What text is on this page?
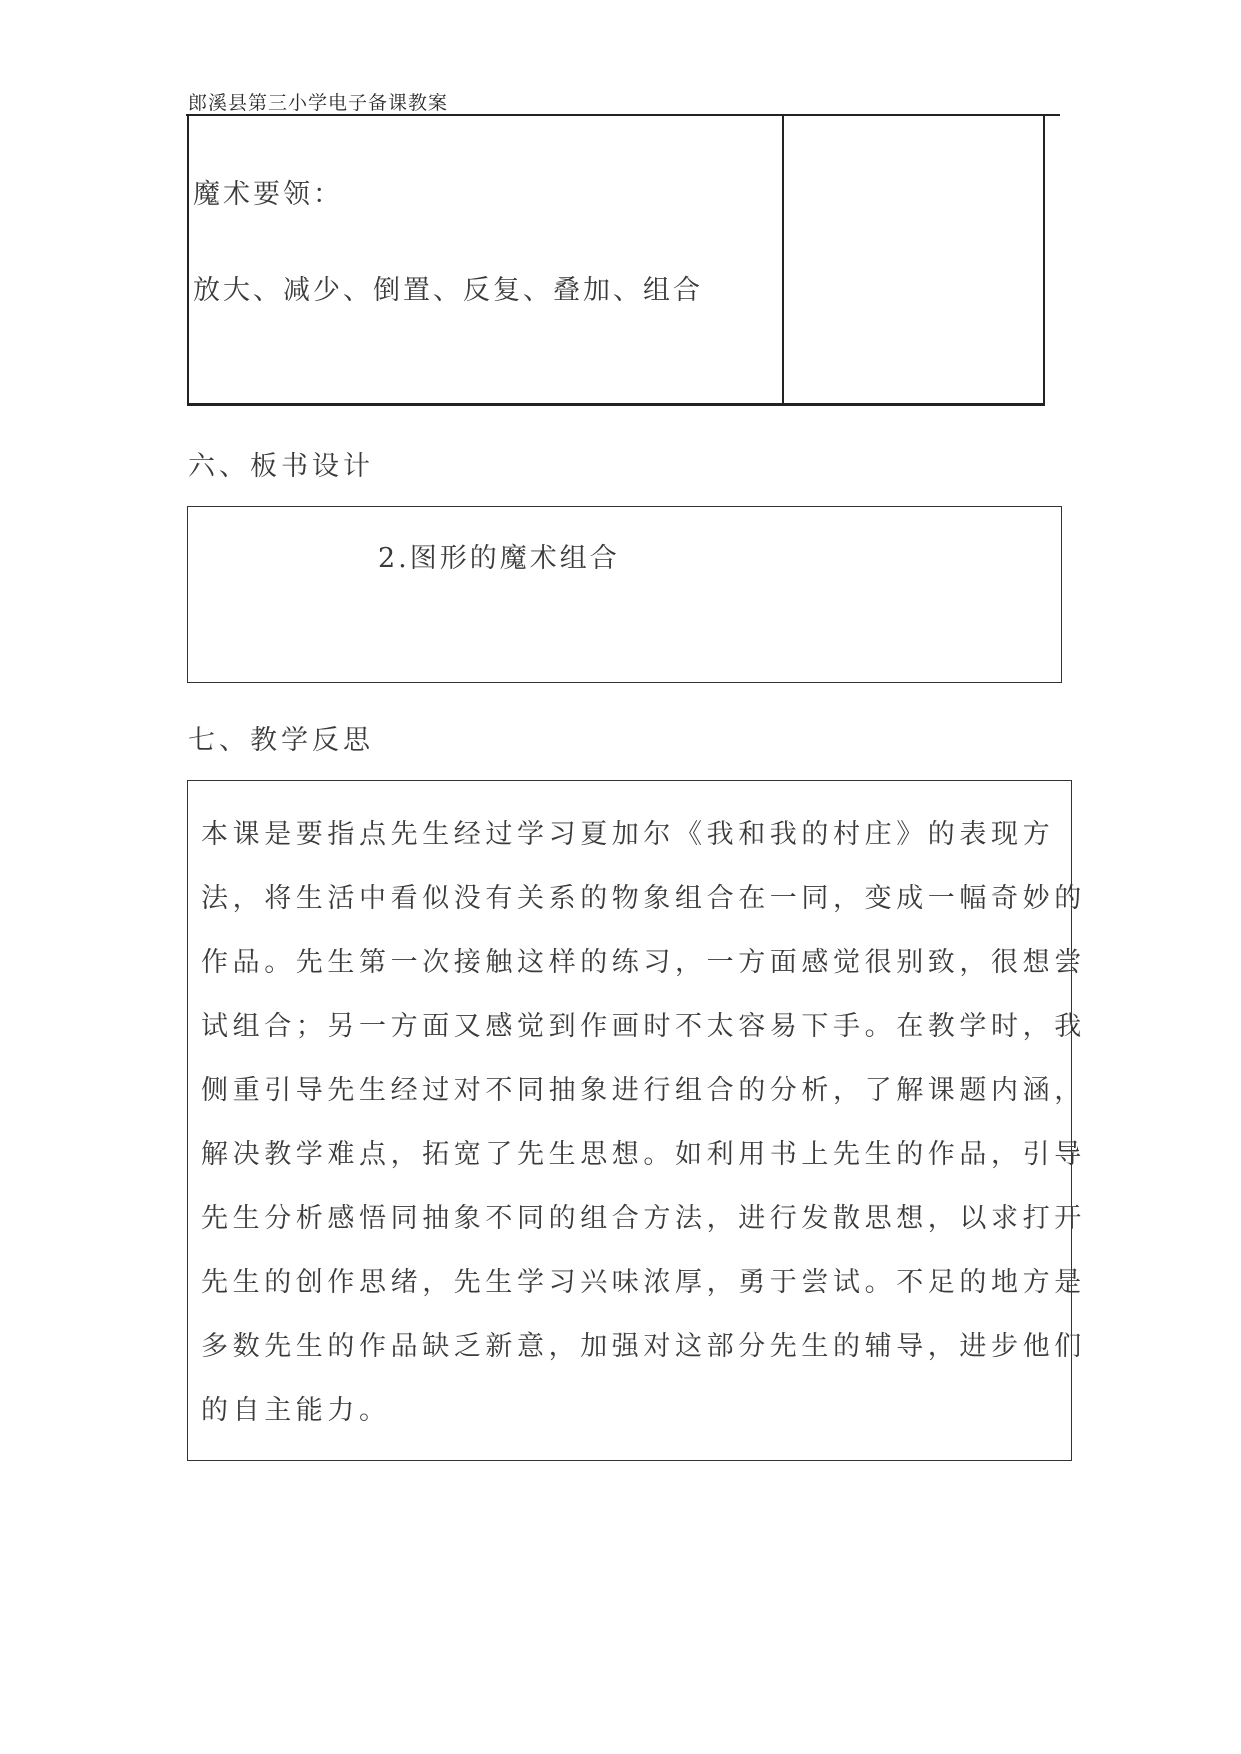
郎溪县第三小学电子备课教案
魔术要领：
放大、减少、倒置、反复、叠加、组合
六、板书设计
2.图形的魔术组合
七、教学反思
本课是要指点先生经过学习夏加尔《我和我的村庄》的表现方
法，将生活中看似没有关系的物象组合在一同，变成一幅奇妙的
作品。先生第一次接触这样的练习，一方面感觉很别致，很想尝
试组合；另一方面又感觉到作画时不太容易下手。在教学时，我
侧重引导先生经过对不同抽象进行组合的分析，了解课题内涵，
解决教学难点，拓宽了先生思想。如利用书上先生的作品，引导
先生分析感悟同抽象不同的组合方法，进行发散思想，以求打开
先生的创作思绪，先生学习兴味浓厚，勇于尝试。不足的地方是
多数先生的作品缺乏新意，加强对这部分先生的辅导，进步他们
的自主能力。
